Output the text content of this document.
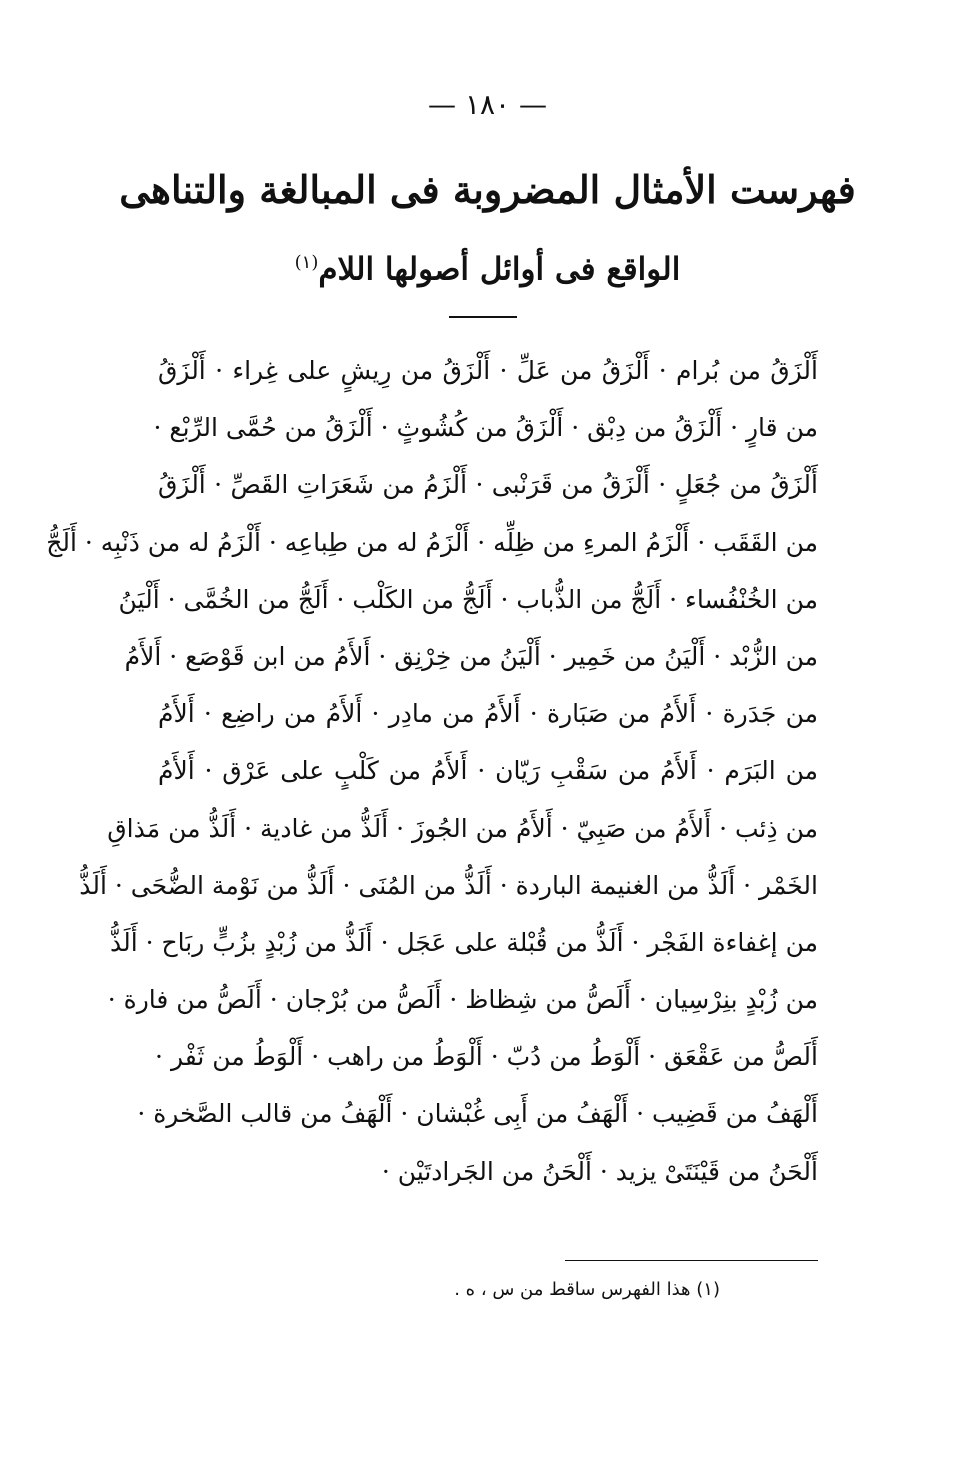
— ١٨٠ —
فهرست الأمثال المضروبة فى المبالغة والتناهى
الواقع فى أوائل أصولها اللام$^{(١)}$
أَلْزَقُ من بُرام · أَلْزَقُ من عَلِّ · أَلْزَقُ من رِيشٍ على غِراء · أَلْزَقُ
من قارٍ · أَلْزَقُ من دِبْق · أَلْزَقُ من كُشُوثٍ · أَلْزَقُ من حُمَّى الرِّبْع ·
أَلْزَقُ من جُعَلٍ · أَلْزَقُ من قَرَنْبى · أَلْزَمُ من شَعَرَاتِ القَصِّ · أَلْزَقُ
من القَقَب · أَلْزَمُ المرءِ من ظِلِّه · أَلْزَمُ له من طِباعِه · أَلْزَمُ له من ذَنْبِه · أَلَجُّ
من الخُنْفُساء · أَلَجُّ من الذُّباب · أَلَجُّ من الكَلْب · أَلَجُّ من الخُمَّى · أَلْيَنُ
من الزُّبْد · أَلْيَنُ من خَمِير · أَلْيَنُ من خِرْنِق · أَلأَمُ من ابن قَوْصَع · أَلأَمُ
من جَدَرة · أَلأَمُ من صَبَارة · أَلأَمُ من مادِر · أَلأَمُ من راضِع · أَلأَمُ
من البَرَم · أَلأَمُ من سَقْبِ رَيّان · أَلأَمُ من كَلْبٍ على عَرْق · أَلأَمُ
من ذِئب · أَلأَمُ من صَبِيّ · أَلأَمُ من الجُوزَ · أَلَذُّ من غادية · أَلَذُّ من مَذاقِ
الخَمْر · أَلَذُّ من الغنيمة الباردة · أَلَذُّ من المُنَى · أَلَذُّ من نَوْمة الضُّحَى · أَلَذُّ
من إغفاءة الفَجْر · أَلَذُّ من قُبْلة على عَجَل · أَلَذُّ من زُبْدٍ بزُبٍّ ربَاح · أَلَذُّ
من زُبْدٍ بنِرْسِيان · أَلَصُّ من شِظاظ · أَلَصُّ من بُرْجان · أَلَصُّ من فارة ·
أَلَصُّ من عَقْعَق · أَلْوَطُ من دُبّ · أَلْوَطُ من راهب · أَلْوَطُ من ثَفْر ·
أَلْهَفُ من قَضِيب · أَلْهَفُ من أَبِى غُبْشان · أَلْهَفُ من قالب الصَّخرة ·
أَلْحَنُ من قَيْنَتَىْ يزيد · أَلْحَنُ من الجَرادتَيْن ·
(١) هذا الفهرس ساقط من س ، ه .
